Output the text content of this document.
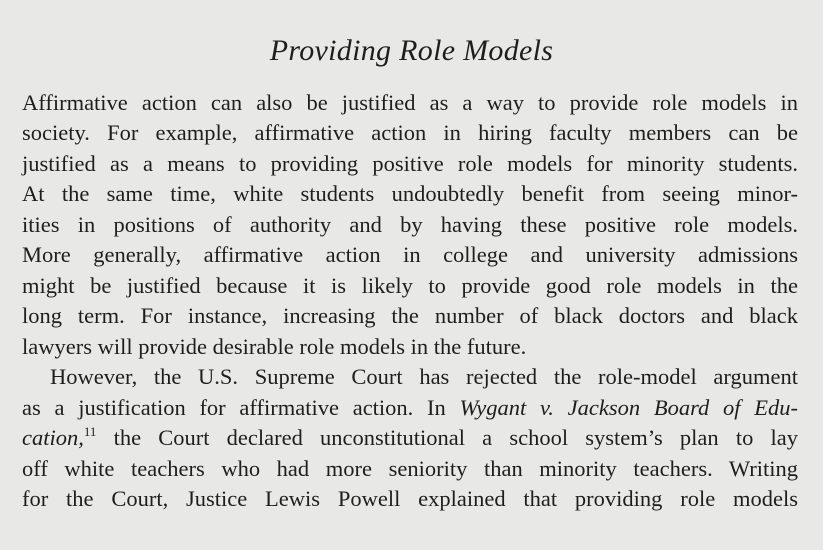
Providing Role Models
Affirmative action can also be justified as a way to provide role models in
society. For example, affirmative action in hiring faculty members can be
justified as a means to providing positive role models for minority students.
At the same time, white students undoubtedly benefit from seeing minor-
ities in positions of authority and by having these positive role models.
More generally, affirmative action in college and university admissions
might be justified because it is likely to provide good role models in the
long term. For instance, increasing the number of black doctors and black
lawyers will provide desirable role models in the future.
However, the U.S. Supreme Court has rejected the role-model argument
as a justification for affirmative action. In Wygant v. Jackson Board of Edu-
cation,$^{11}$ the Court declared unconstitutional a school system’s plan to lay
off white teachers who had more seniority than minority teachers. Writing
for the Court, Justice Lewis Powell explained that providing role models
